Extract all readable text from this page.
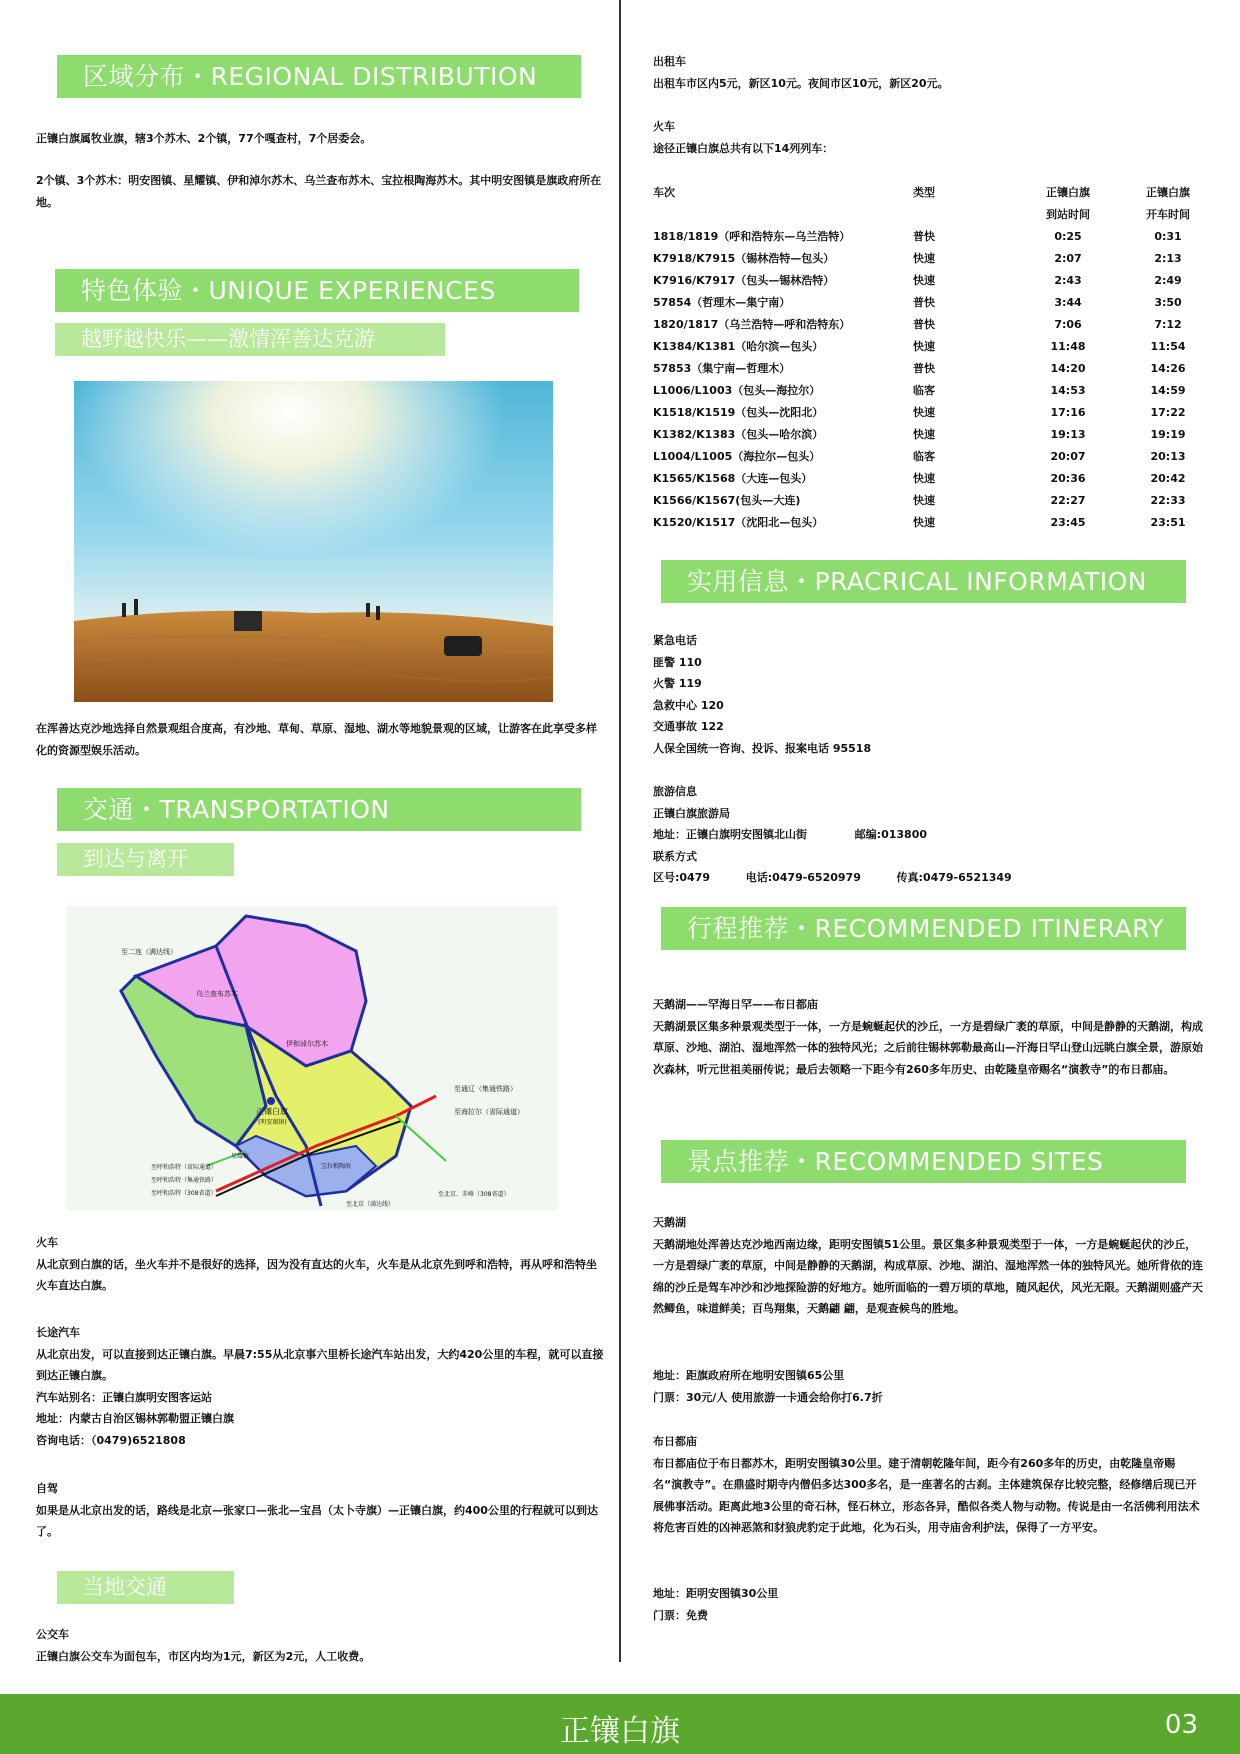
区域分布・REGIONAL DISTRIBUTION
正镶白旗属牧业旗，辖3个苏木、2个镇，77个嘎查村，7个居委会。
2个镇、3个苏木：明安图镇、星耀镇、伊和淖尔苏木、乌兰查布苏木、宝拉根陶海苏木。其中明安图镇是旗政府所在地。
特色体验・UNIQUE EXPERIENCES
越野越快乐——激情浑善达克游
在浑善达克沙地选择自然景观组合度高，有沙地、草甸、草原、湿地、湖水等地貌景观的区域，让游客在此享受多样化的资源型娱乐活动。
交通・TRANSPORTATION
到达与离开
至二连（满达线）
乌兰查布苏木
伊和淖尔苏木
正镶白旗
(明安图镇)
星耀镇
宝拉根陶海
至通辽（集通铁路）
至海拉尔（省际通道）
至呼和浩特（省际通道）
至呼和浩特（集通铁路）
至呼和浩特（308省道）
至北京（满达线）
至北京、赤峰（308省道）
火车
从北京到白旗的话，坐火车并不是很好的选择，因为没有直达的火车，火车是从北京先到呼和浩特，再从呼和浩特坐火车直达白旗。
长途汽车
从北京出发，可以直接到达正镶白旗。早晨7:55从北京事六里桥长途汽车站出发，大约420公里的车程，就可以直接到达正镶白旗。
汽车站别名：正镶白旗明安图客运站
地址：内蒙古自治区锡林郭勒盟正镶白旗
咨询电话：（0479)6521808
自驾
如果是从北京出发的话，路线是北京—张家口—张北—宝昌（太卜寺旗）—正镶白旗，约400公里的行程就可以到达了。
当地交通
公交车
正镶白旗公交车为面包车，市区内均为1元，新区为2元，人工收费。
出租车
出租车市区内5元，新区10元。夜间市区10元，新区20元。
火车
途径正镶白旗总共有以下14列列车：
车次	类型	正镶白旗	正镶白旗
		到站时间	开车时间
1818/1819（呼和浩特东—乌兰浩特）	普快	0:25	0:31
K7918/K7915（锡林浩特—包头）	快速	2:07	2:13
K7916/K7917（包头—锡林浩特）	快速	2:43	2:49
57854（哲理木—集宁南）	普快	3:44	3:50
1820/1817（乌兰浩特—呼和浩特东）	普快	7:06	7:12
K1384/K1381（哈尔滨—包头）	快速	11:48	11:54
57853（集宁南—哲理木）	普快	14:20	14:26
L1006/L1003（包头—海拉尔）	临客	14:53	14:59
K1518/K1519（包头—沈阳北）	快速	17:16	17:22
K1382/K1383（包头—哈尔滨）	快速	19:13	19:19
L1004/L1005（海拉尔—包头）	临客	20:07	20:13
K1565/K1568（大连—包头）	快速	20:36	20:42
K1566/K1567(包头—大连)	快速	22:27	22:33
K1520/K1517（沈阳北—包头）	快速	23:45	23:51
实用信息・PRACRICAL INFORMATION
紧急电话
匪警 110
火警 119
急救中心 120
交通事故 122
人保全国统一咨询、投诉、报案电话 95518
旅游信息
正镶白旗旅游局
地址：正镶白旗明安图镇北山街	邮编:013800
联系方式
区号:0479	电话:0479-6520979	传真:0479-6521349
行程推荐・RECOMMENDED ITINERARY
天鹅湖——罕海日罕——布日都庙
天鹅湖景区集多种景观类型于一体，一方是蜿蜒起伏的沙丘，一方是碧绿广袤的草原，中间是静静的天鹅湖，构成草原、沙地、湖泊、湿地浑然一体的独特风光；之后前往锡林郭勒最高山—汗海日罕山登山远眺白旗全景，游原始次森林，听元世祖美丽传说；最后去领略一下距今有260多年历史、由乾隆皇帝赐名“演教寺”的布日都庙。
景点推荐・RECOMMENDED SITES
天鹅湖
天鹅湖地处浑善达克沙地西南边缘，距明安图镇51公里。景区集多种景观类型于一体，一方是蜿蜒起伏的沙丘，一方是碧绿广袤的草原，中间是静静的天鹅湖，构成草原、沙地、湖泊、湿地浑然一体的独特风光。她所背依的连绵的沙丘是驾车冲沙和沙地探险游的好地方。她所面临的一碧万顷的草地，随风起伏，风光无限。天鹅湖则盛产天然鲫鱼，味道鲜美；百鸟翔集，天鹅翩 翩，是观查候鸟的胜地。
地址：距旗政府所在地明安图镇65公里
门票：30元/人 使用旅游一卡通会给你打6.7折
布日都庙
布日都庙位于布日都苏木，距明安图镇30公里。建于清朝乾隆年间，距今有260多年的历史，由乾隆皇帝赐名“演教寺”。在鼎盛时期寺内僧侣多达300多名，是一座著名的古刹。主体建筑保存比较完整，经修缮后现已开展佛事活动。距离此地3公里的奇石林，怪石林立，形态各异，酷似各类人物与动物。传说是由一名活佛利用法术将危害百姓的凶神恶煞和豺狼虎豹定于此地，化为石头，用寺庙舍利护法，保得了一方平安。
地址：距明安图镇30公里
门票：免费
正镶白旗	03
